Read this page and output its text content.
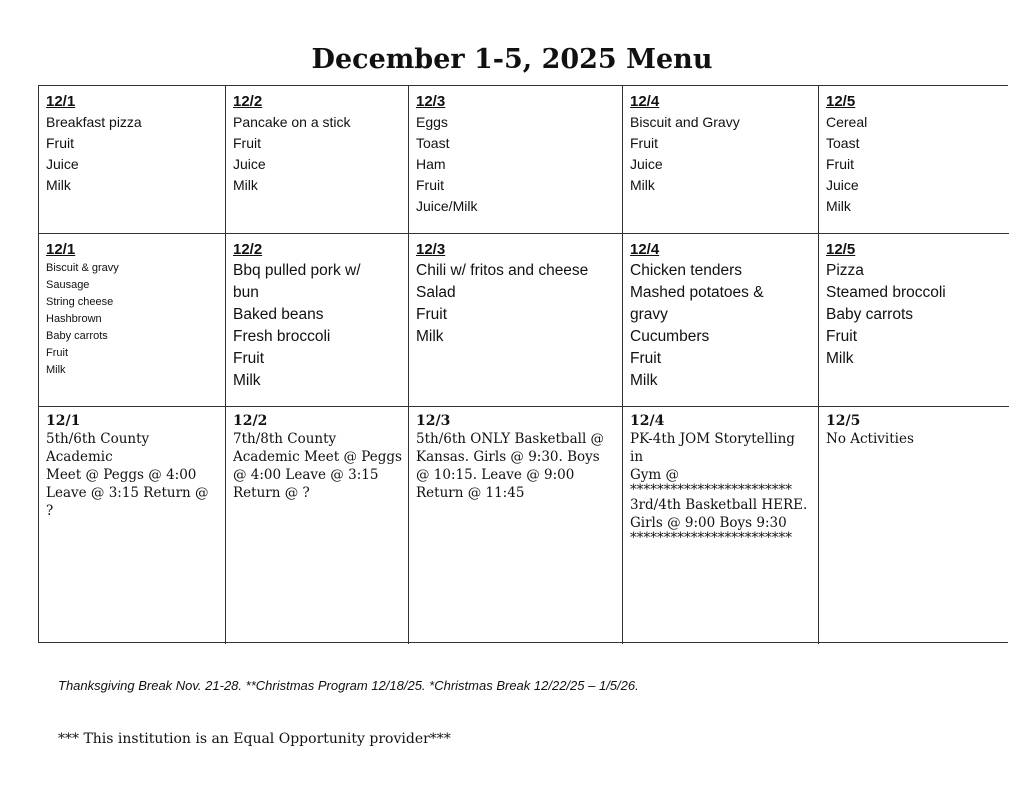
December 1-5, 2025 Menu
12/1
Breakfast pizza
Fruit
Juice
Milk
12/2
Pancake on a stick
Fruit
Juice
Milk
12/3
Eggs
Toast
Ham
Fruit
Juice/Milk
12/4
Biscuit and Gravy
Fruit
Juice
Milk
12/5
Cereal
Toast
Fruit
Juice
Milk
12/1
Biscuit & gravy
Sausage
String cheese
Hashbrown
Baby carrots
Fruit
Milk
12/2
Bbq pulled pork w/
bun
Baked beans
Fresh broccoli
Fruit
Milk
12/3
Chili w/ fritos and cheese
Salad
Fruit
Milk
12/4
Chicken tenders
Mashed potatoes &
gravy
Cucumbers
Fruit
Milk
12/5
Pizza
Steamed broccoli
Baby carrots
Fruit
Milk
12/1
5th/6th County Academic
Meet @ Peggs @ 4:00
Leave @ 3:15 Return @ ?
12/2
7th/8th County
Academic Meet @ Peggs
@ 4:00 Leave @ 3:15
Return @ ?
12/3
5th/6th ONLY Basketball @
Kansas. Girls @ 9:30. Boys
@ 10:15. Leave @ 9:00
Return @ 11:45
12/4
PK-4th JOM Storytelling in
Gym @
************************
3rd/4th Basketball HERE.
Girls @ 9:00 Boys 9:30
************************
12/5
No Activities

Thanksgiving Break Nov. 21-28. **Christmas Program 12/18/25. *Christmas Break 12/22/25 – 1/5/26.

*** This institution is an Equal Opportunity provider***
